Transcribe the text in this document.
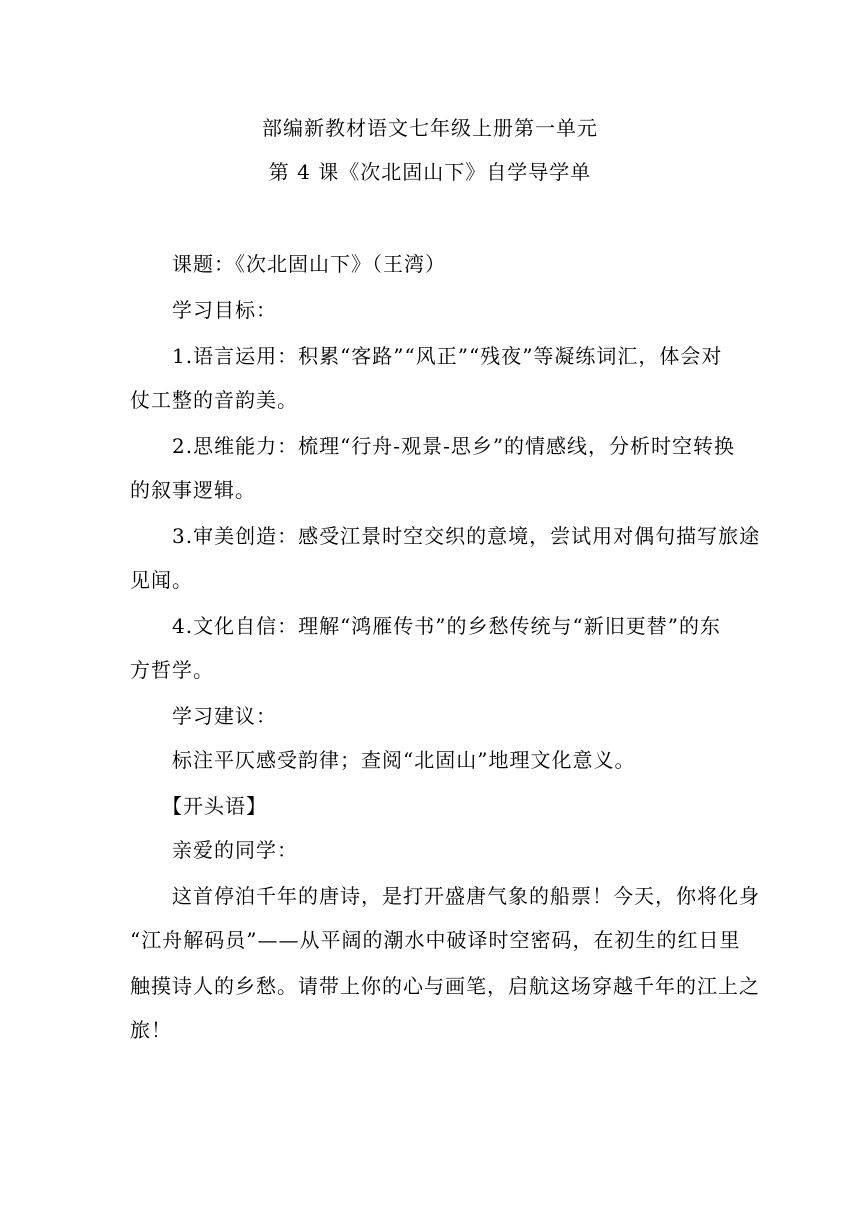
部编新教材语文七年级上册第一单元
第 4 课《次北固山下》自学导学单
课题：《次北固山下》（王湾）
学习目标：
1.语言运用：积累“客路”“风正”“残夜”等凝练词汇，体会对
仗工整的音韵美。
2.思维能力：梳理“行舟-观景-思乡”的情感线，分析时空转换
的叙事逻辑。
3.审美创造：感受江景时空交织的意境，尝试用对偶句描写旅途
见闻。
4.文化自信：理解“鸿雁传书”的乡愁传统与“新旧更替”的东
方哲学。
学习建议：
标注平仄感受韵律；查阅“北固山”地理文化意义。
【开头语】
亲爱的同学：
这首停泊千年的唐诗，是打开盛唐气象的船票！今天，你将化身
“江舟解码员”——从平阔的潮水中破译时空密码，在初生的红日里
触摸诗人的乡愁。请带上你的心与画笔，启航这场穿越千年的江上之
旅！
